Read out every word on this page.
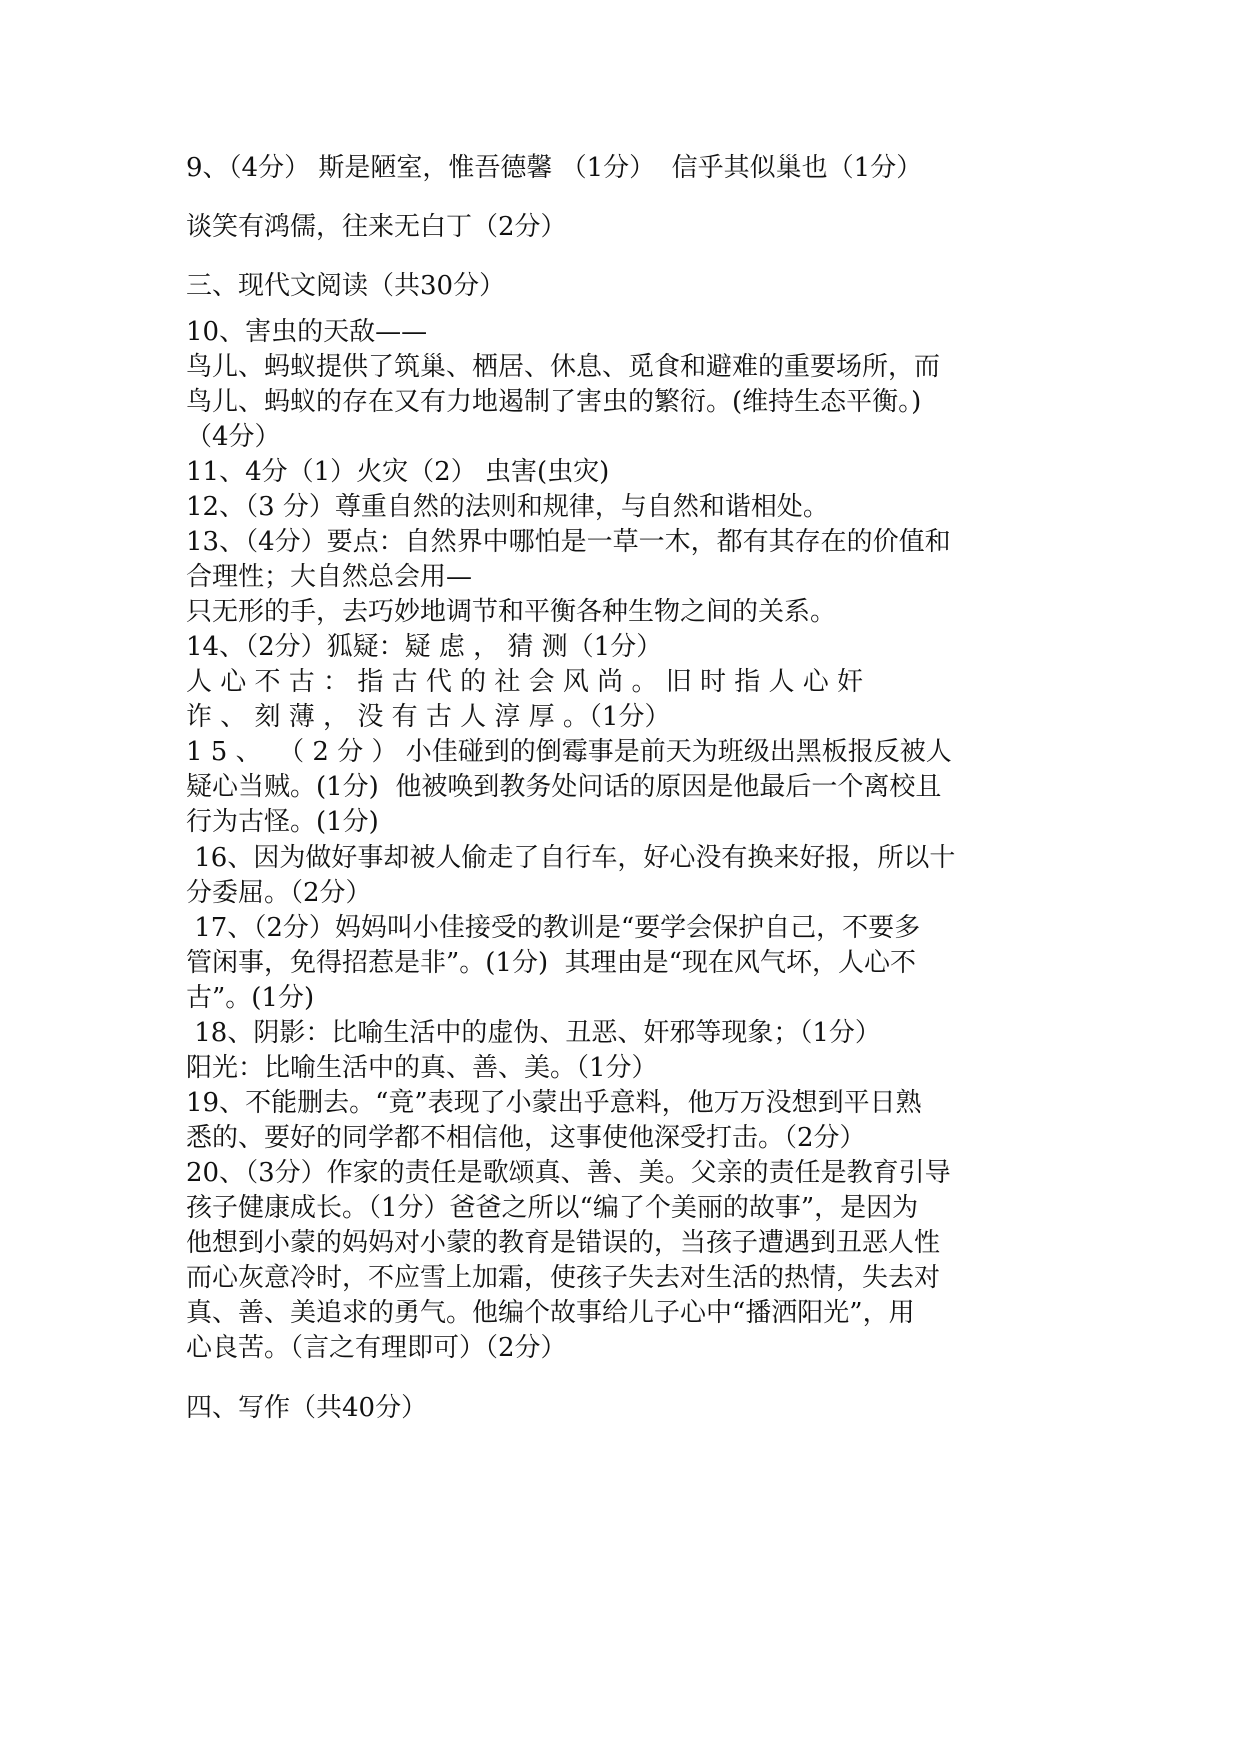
9、（4分） 斯是陋室，惟吾德馨 （1分）  信乎其似巢也（1分）

谈笑有鸿儒，往来无白丁（2分）

三、现代文阅读（共30分）

10、害虫的天敌——

鸟儿、蚂蚁提供了筑巢、栖居、休息、觅食和避难的重要场所，而

鸟儿、蚂蚁的存在又有力地遏制了害虫的繁衍。(维持生态平衡。)

（4分）

11、4分（1）火灾（2） 虫害(虫灾)

12、（3 分）尊重自然的法则和规律，与自然和谐相处。

13、（4分）要点：自然界中哪怕是一草一木，都有其存在的价值和

合理性；大自然总会用—

只无形的手，去巧妙地调节和平衡各种生物之间的关系。

14、（2分）狐疑：疑 虑 ， 猜 测（1分）

人 心 不 古 ： 指 古 代 的 社 会 风 尚 。 旧 时 指 人 心 奸

诈 、 刻 薄 ， 没 有 古 人 淳 厚 。（1分）

1 5 、  （ 2 分 ） 小佳碰到的倒霉事是前天为班级出黑板报反被人

疑心当贼。(1分)  他被唤到教务处问话的原因是他最后一个离校且

行为古怪。(1分)

16、因为做好事却被人偷走了自行车，好心没有换来好报，所以十

分委屈。（2分）

17、（2分）妈妈叫小佳接受的教训是“要学会保护自己，不要多

管闲事，免得招惹是非”。(1分)  其理由是“现在风气坏，人心不

古”。(1分)

18、阴影：比喻生活中的虚伪、丑恶、奸邪等现象；（1分）

阳光：比喻生活中的真、善、美。（1分）

19、不能删去。“竟”表现了小蒙出乎意料，他万万没想到平日熟

悉的、要好的同学都不相信他，这事使他深受打击。（2分）

20、（3分）作家的责任是歌颂真、善、美。父亲的责任是教育引导

孩子健康成长。（1分）爸爸之所以“编了个美丽的故事”，是因为

他想到小蒙的妈妈对小蒙的教育是错误的，当孩子遭遇到丑恶人性

而心灰意冷时，不应雪上加霜，使孩子失去对生活的热情，失去对

真、善、美追求的勇气。他编个故事给儿子心中“播洒阳光”，用

心良苦。（言之有理即可）（2分）

四、写作（共40分）
